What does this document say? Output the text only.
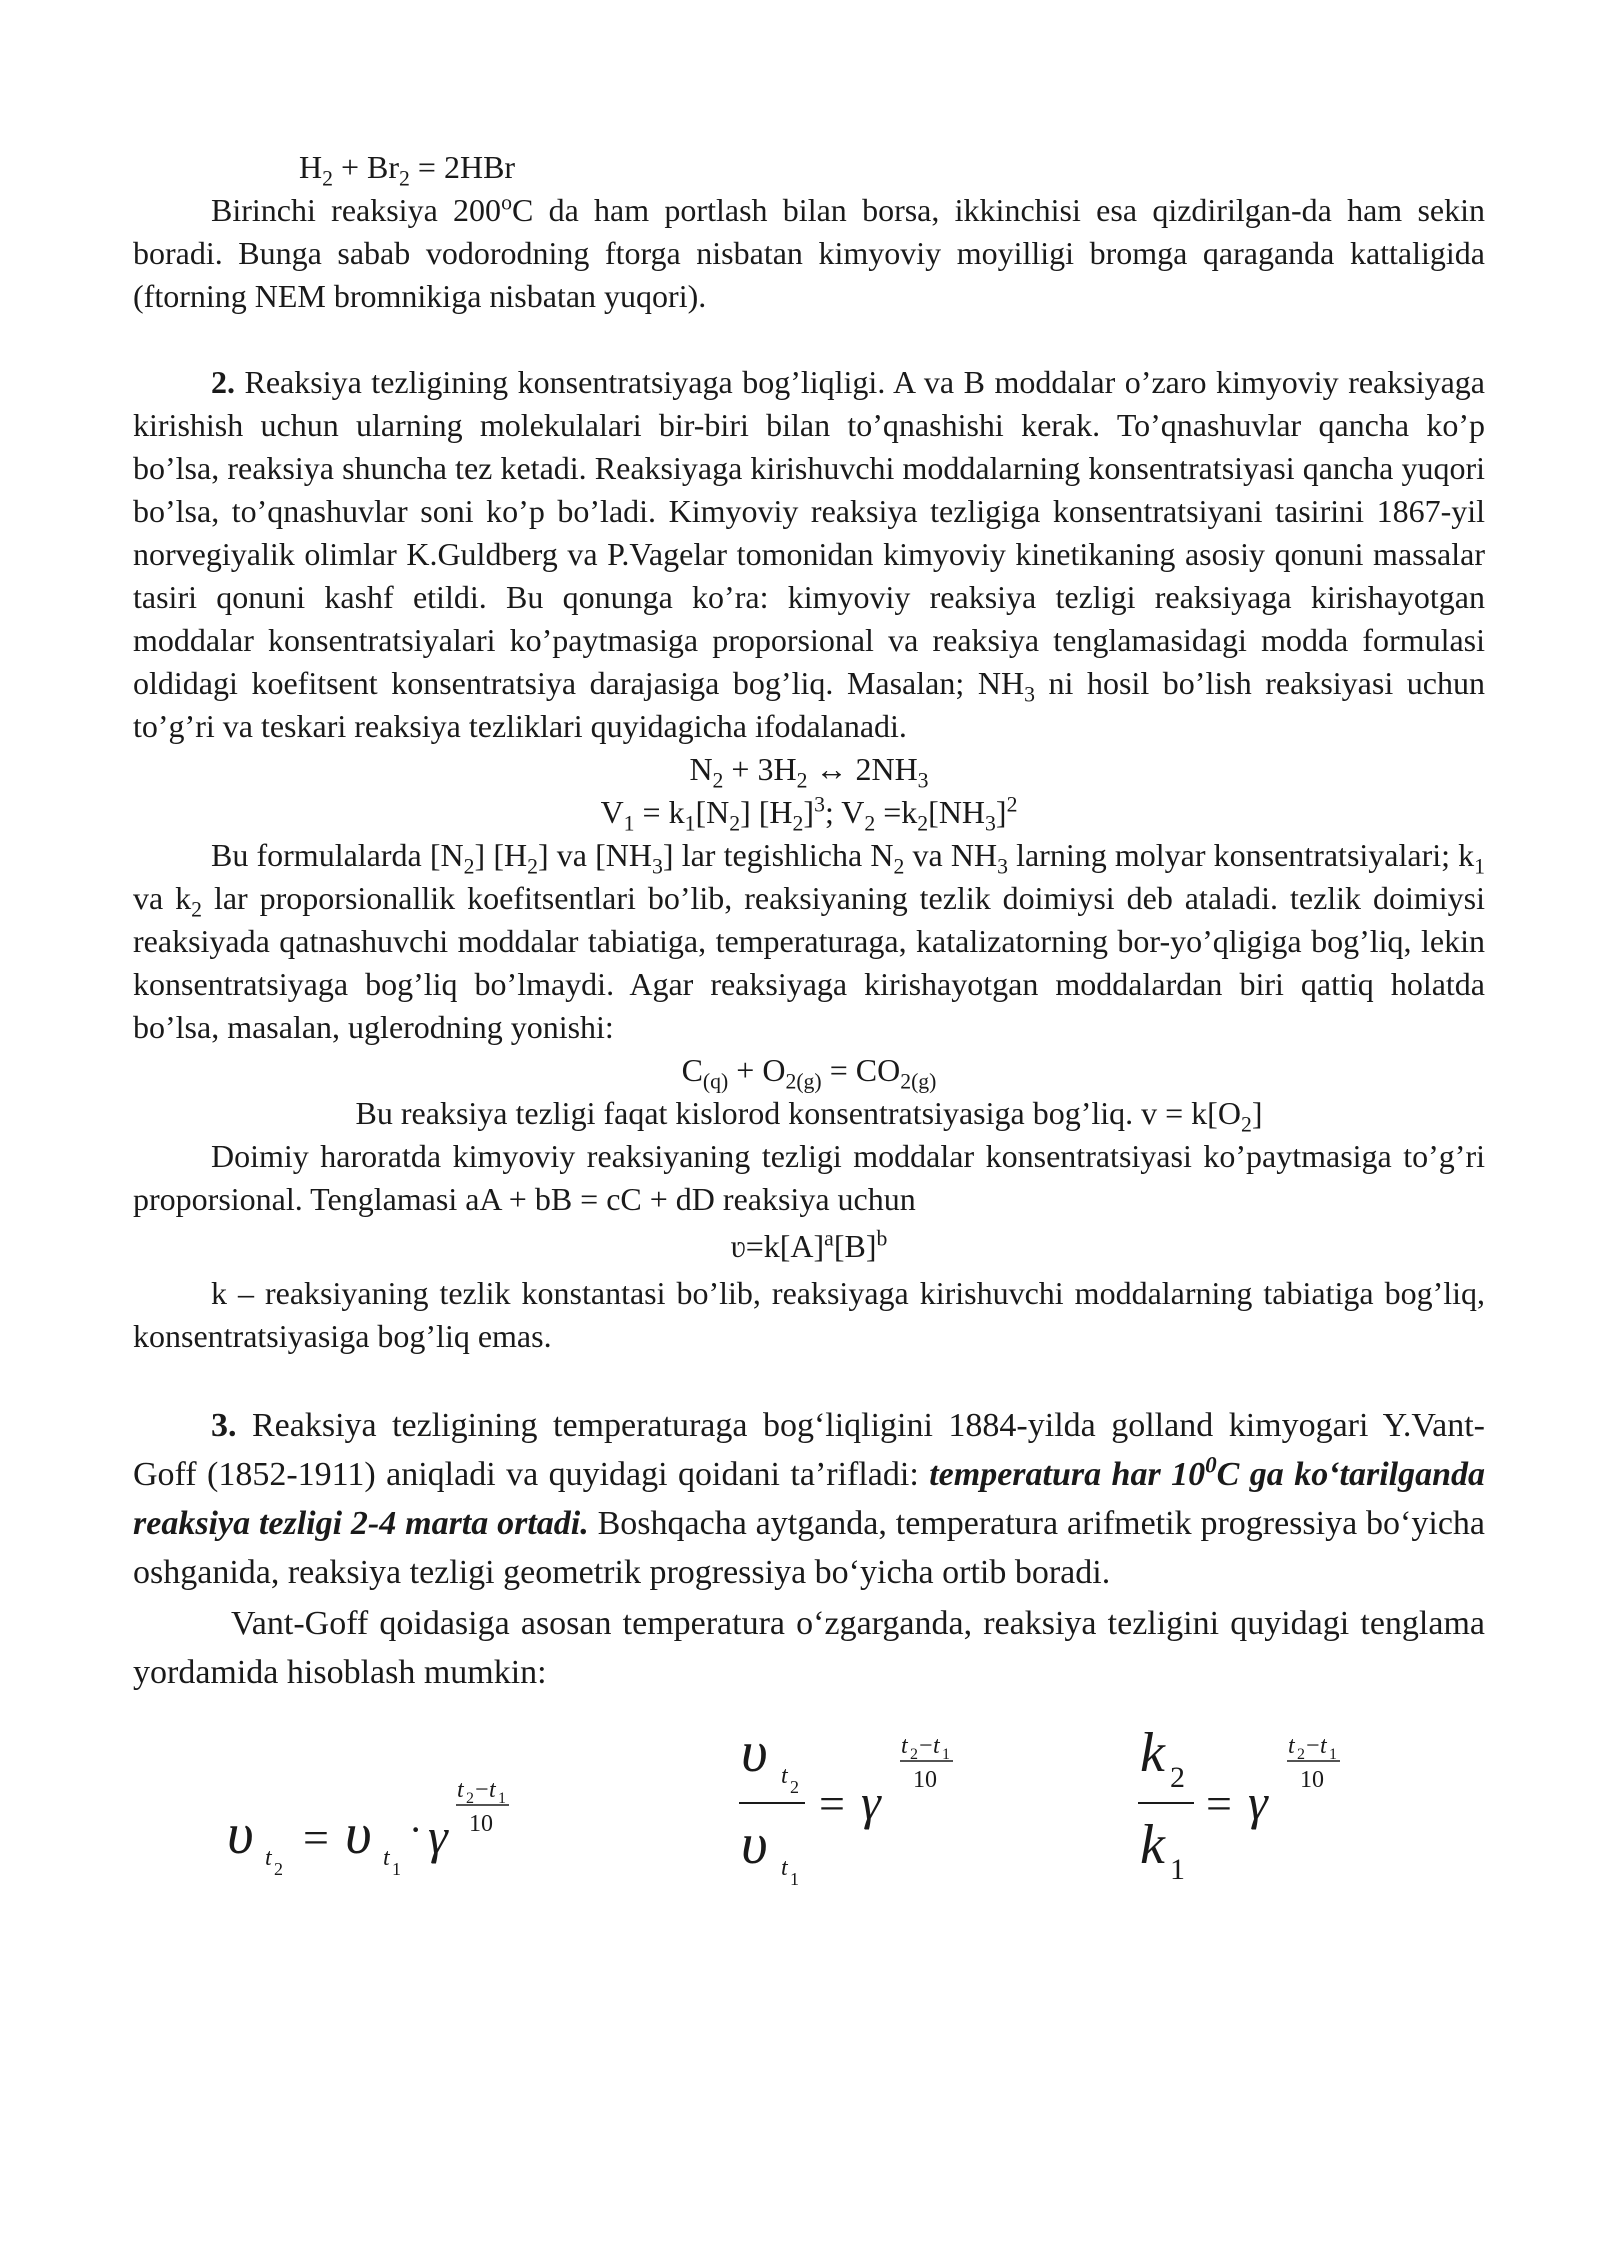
$H_2 + Br_2 = 2HBr$

Birinchi reaksiya 200$^o$C da ham portlash bilan borsa, ikkinchisi esa qizdirilgan-da ham sekin boradi. Bunga sabab vodorodning ftorga nisbatan kimyoviy moyilligi bromga qaraganda kattaligida (ftorning NEM bromnikiga nisbatan yuqori).

2. Reaksiya tezligining konsentratsiyaga bog’liqligi. A va B moddalar o’zaro kimyoviy reaksiyaga kirishish uchun ularning molekulalari bir-biri bilan to’qnashishi kerak. To’qnashuvlar qancha ko’p bo’lsa, reaksiya shuncha tez ketadi. Reaksiyaga kirishuvchi moddalarning konsentratsiyasi qancha yuqori bo’lsa, to’qnashuvlar soni ko’p bo’ladi. Kimyoviy reaksiya tezligiga konsentratsiyani tasirini 1867-yil norvegiyalik olimlar K.Guldberg va P.Vagelar tomonidan kimyoviy kinetikaning asosiy qonuni massalar tasiri qonuni kashf etildi. Bu qonunga ko’ra: kimyoviy reaksiya tezligi reaksiyaga kirishayotgan moddalar konsentratsiyalari ko’paytmasiga proporsional va reaksiya tenglamasidagi modda formulasi oldidagi koefitsent konsentratsiya darajasiga bog’liq. Masalan; $NH_3$ ni hosil bo’lish reaksiyasi uchun to’g’ri va teskari reaksiya tezliklari quyidagicha ifodalanadi.

$N_2 + 3H_2$ ↔ $2NH_3$

$V_1 = k_1[N_2]$ $[H_2]^3$; $V_2 =k_2[NH_3]^2$

Bu formulalarda $[N_2]$ $[H_2]$ va $[NH_3]$ lar tegishlicha $N_2$ va $NH_3$ larning molyar konsentratsiyalari; $k_1$ va $k_2$ lar proporsionallik koefitsentlari bo’lib, reaksiyaning tezlik doimiysi deb ataladi. tezlik doimiysi reaksiyada qatnashuvchi moddalar tabiatiga, temperaturaga, katalizatorning bor-yo’qligiga bog’liq, lekin konsentratsiyaga bog’liq bo’lmaydi. Agar reaksiyaga kirishayotgan moddalardan biri qattiq holatda bo’lsa, masalan, uglerodning yonishi:

$C_{(q)} + O_{2(g)} = CO_{2(g)}$

Bu reaksiya tezligi faqat kislorod konsentratsiyasiga bog’liq. $v = k[O_2]$

Doimiy haroratda kimyoviy reaksiyaning tezligi moddalar konsentratsiyasi ko’paytmasiga to’g’ri proporsional. Tenglamasi aA + bB = cC + dD reaksiya uchun

$ʋ=k[A]^a[B]^b$

k – reaksiyaning tezlik konstantasi bo’lib, reaksiyaga kirishuvchi moddalarning tabiatiga bog’liq, konsentratsiyasiga bog’liq emas.

3. Reaksiya tezligining temperaturaga bog‘liqligini 1884-yilda golland kimyogari Y.Vant-Goff (1852-1911) aniqladi va quyidagi qoidani ta’rifladi: temperatura har $10^0C$ ga ko‘tarilganda reaksiya tezligi 2-4 marta ortadi. Boshqacha aytganda, temperatura arifmetik progressiya bo‘yicha oshganida, reaksiya tezligi geometrik progressiya bo‘yicha ortib boradi.

Vant-Goff qoidasiga asosan temperatura o‘zgarganda, reaksiya tezligini quyidagi tenglama yordamida hisoblash mumkin:

υ t 2
= υ t 1
· γ
t 2 − t 1
10
υ t 2
υ t 1
= γ
t 2 − t 1
10	k 2
k 1
= γ
t 2 − t 1
10
